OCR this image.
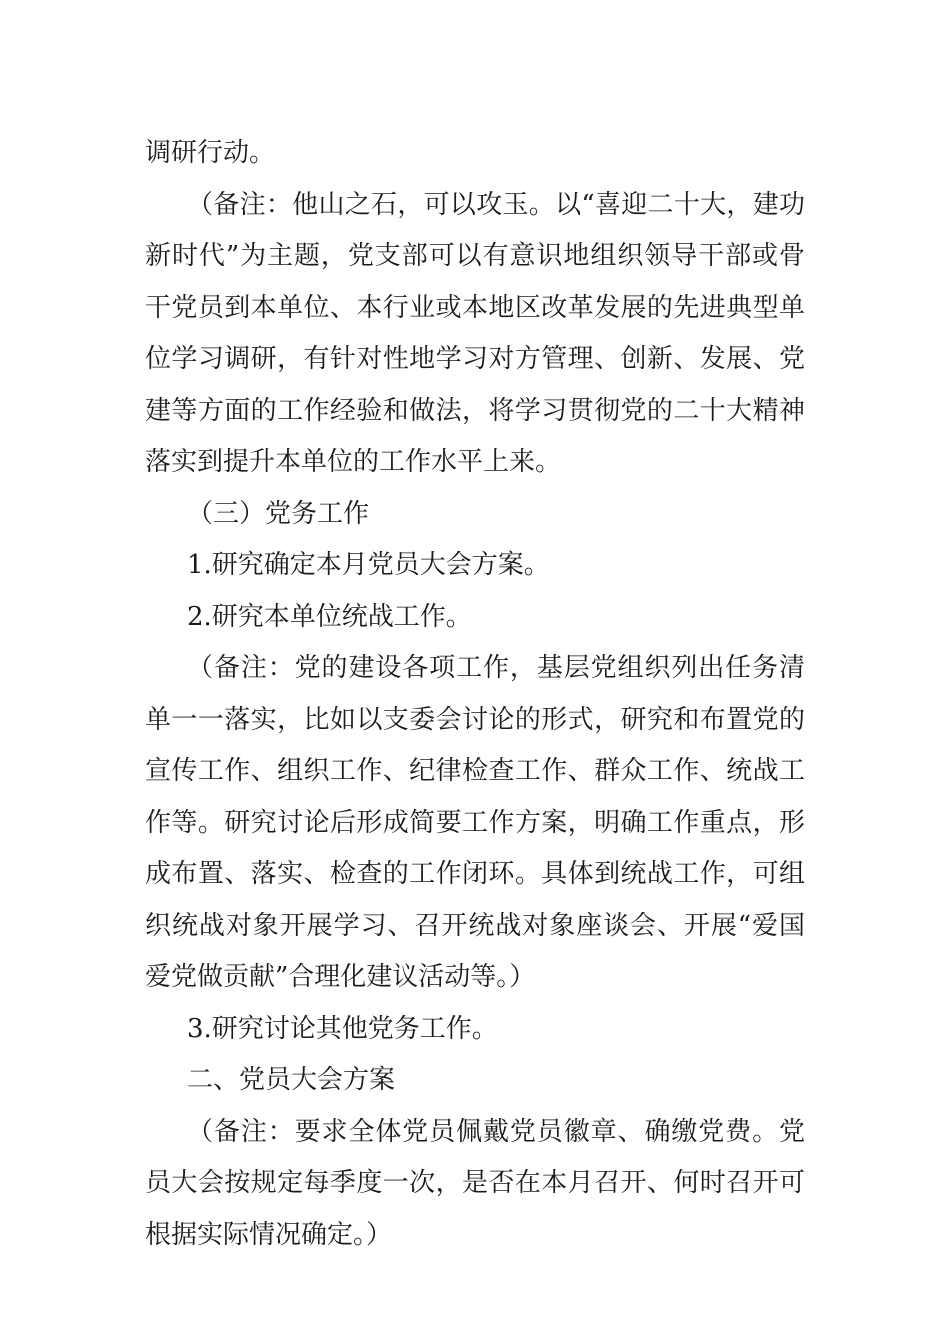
调研行动。

（备注：他山之石，可以攻玉。以“喜迎二十大，建功新时代”为主题，党支部可以有意识地组织领导干部或骨干党员到本单位、本行业或本地区改革发展的先进典型单位学习调研，有针对性地学习对方管理、创新、发展、党建等方面的工作经验和做法，将学习贯彻党的二十大精神落实到提升本单位的工作水平上来。

（三）党务工作

1.研究确定本月党员大会方案。

2.研究本单位统战工作。

（备注：党的建设各项工作，基层党组织列出任务清单一一落实，比如以支委会讨论的形式，研究和布置党的宣传工作、组织工作、纪律检查工作、群众工作、统战工作等。研究讨论后形成简要工作方案，明确工作重点，形成布置、落实、检查的工作闭环。具体到统战工作，可组织统战对象开展学习、召开统战对象座谈会、开展“爱国爱党做贡献”合理化建议活动等。）

3.研究讨论其他党务工作。

二、党员大会方案

（备注：要求全体党员佩戴党员徽章、确缴党费。党员大会按规定每季度一次，是否在本月召开、何时召开可根据实际情况确定。）
